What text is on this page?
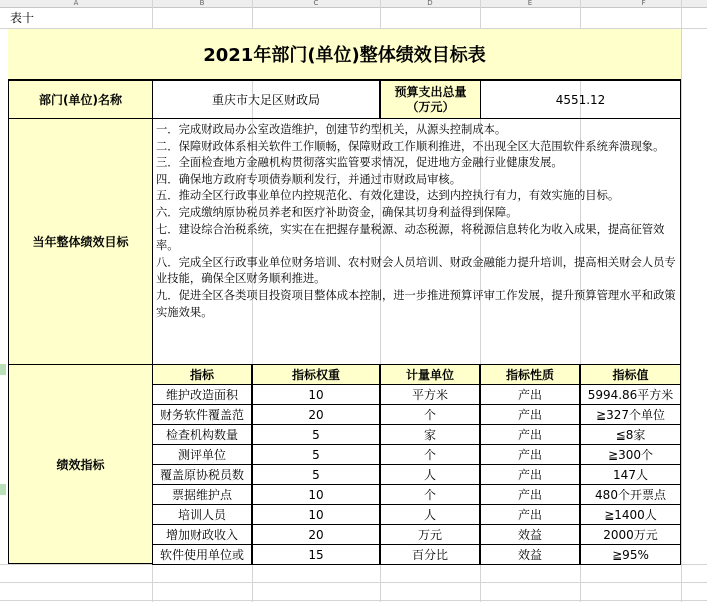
A	B	C	D	E	F
表十
2021年部门(单位)整体绩效目标表
部门(单位)名称	重庆市大足区财政局
预算支出总量（万元）	4551.12
当年整体绩效目标
一．完成财政局办公室改造维护，创建节约型机关，从源头控制成本。
二．保障财政体系相关软件工作顺畅，保障财政工作顺利推进，不出现全区大范围软件系统奔溃现象。
三．全面检查地方金融机构贯彻落实监管要求情况，促进地方金融行业健康发展。
四．确保地方政府专项债券顺利发行，并通过市财政局审核。
五．推动全区行政事业单位内控规范化、有效化建设，达到内控执行有力，有效实施的目标。
六．完成缴纳原协税员养老和医疗补助资金，确保其切身利益得到保障。
七．建设综合治税系统，实实在在把握存量税源、动态税源，将税源信息转化为收入成果，提高征管效率。
八．完成全区行政事业单位财务培训、农村财会人员培训、财政金融能力提升培训，提高相关财会人员专业技能，确保全区财务顺利推进。
九．促进全区各类项目投资项目整体成本控制，进一步推进预算评审工作发展，提升预算管理水平和政策实施效果。
绩效指标
指标	指标权重	计量单位	指标性质	指标值
维护改造面积	10	平方米	产出	5994.86平方米
财务软件覆盖范	20	个	产出	≧327个单位
检查机构数量	5	家	产出	≦8家
测评单位	5	个	产出	≧300个
覆盖原协税员数	5	人	产出	147人
票据维护点	10	个	产出	480个开票点
培训人员	10	人	产出	≧1400人
增加财政收入	20	万元	效益	2000万元
软件使用单位或	15	百分比	效益	≧95%
